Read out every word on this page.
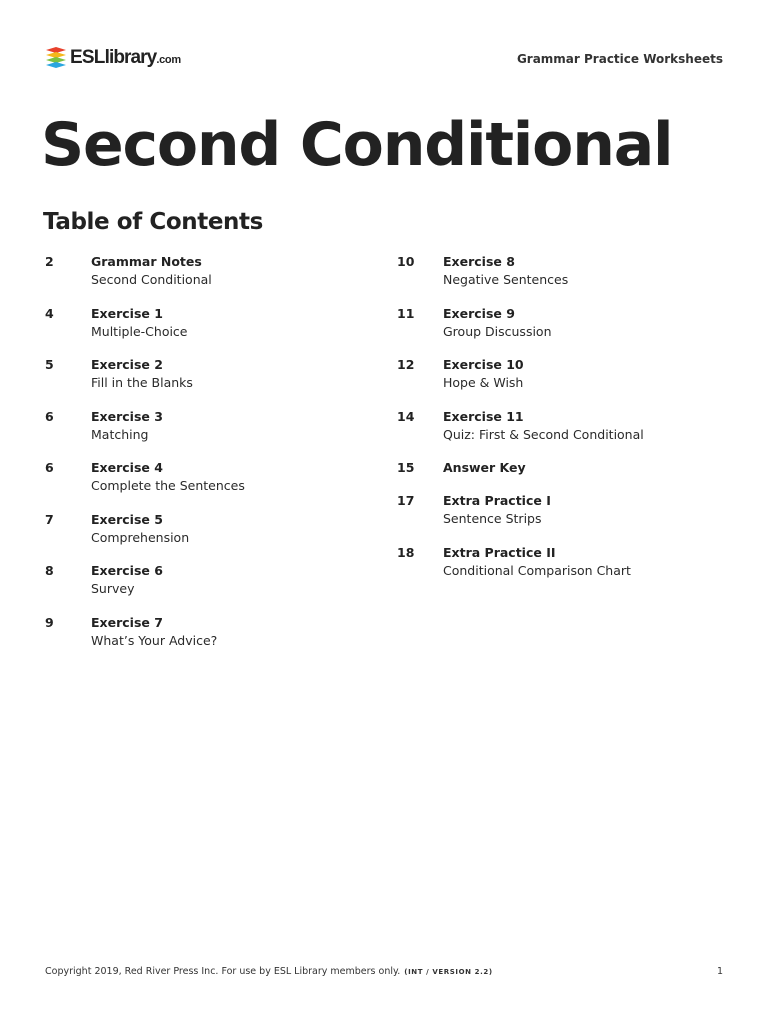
ESLlibrary.com	Grammar Practice Worksheets
Second Conditional
Table of Contents
2	Grammar Notes
Second Conditional
4	Exercise 1
Multiple-Choice
5	Exercise 2
Fill in the Blanks
6	Exercise 3
Matching
6	Exercise 4
Complete the Sentences
7	Exercise 5
Comprehension
8	Exercise 6
Survey
9	Exercise 7
What’s Your Advice?
10 Exercise 8
Negative Sentences
11 Exercise 9
Group Discussion
12 Exercise 10
Hope & Wish
14 Exercise 11
Quiz: First & Second Conditional
15 Answer Key
17 Extra Practice I
Sentence Strips
18 Extra Practice II
Conditional Comparison Chart
Copyright 2019, Red River Press Inc. For use by ESL Library members only. (INT / VERSION 2.2)	1
